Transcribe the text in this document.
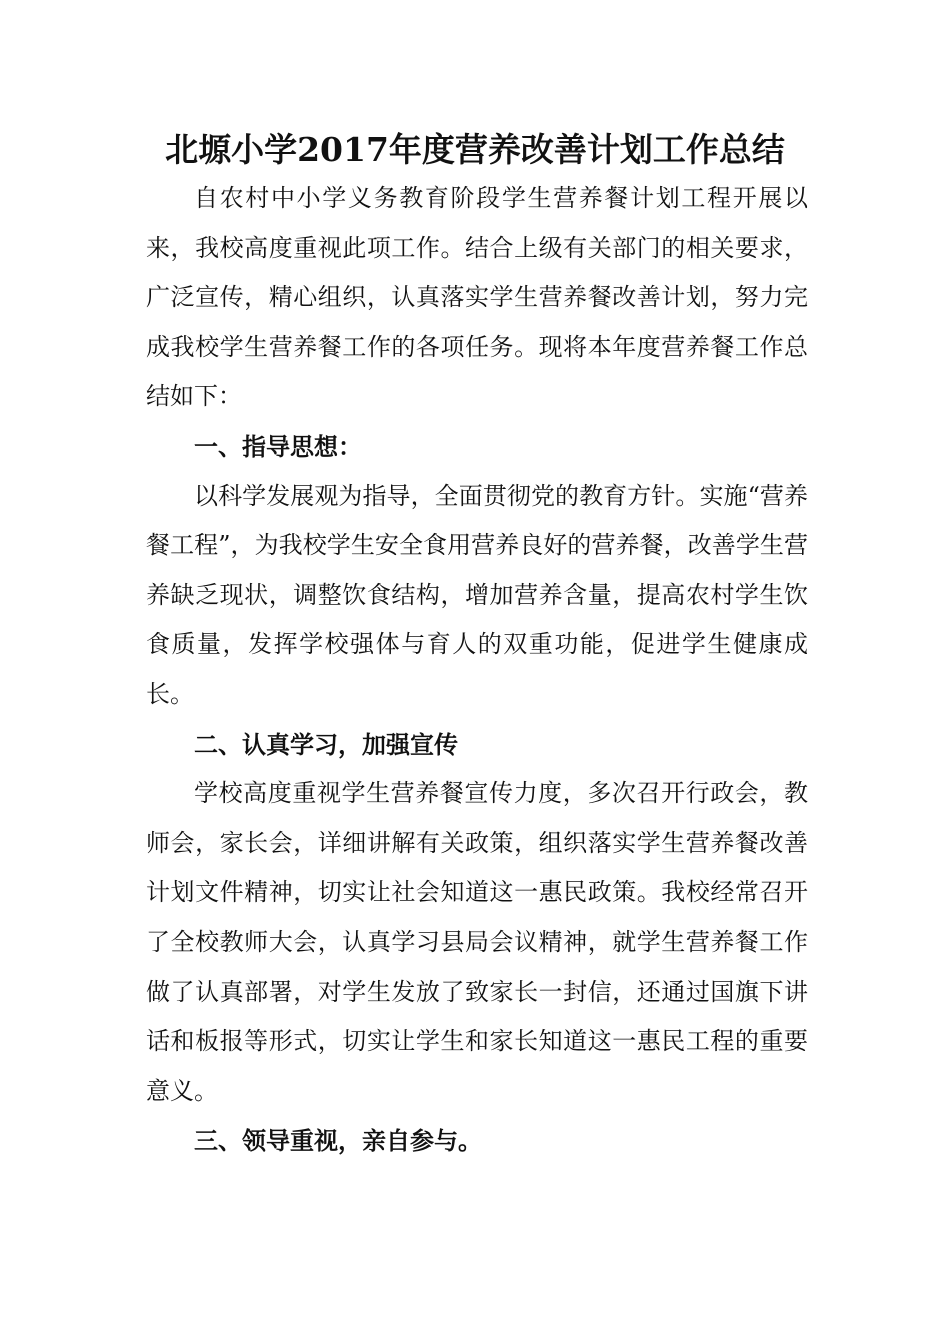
北塬小学2017年度营养改善计划工作总结

自农村中小学义务教育阶段学生营养餐计划工程开展以来，我校高度重视此项工作。结合上级有关部门的相关要求，广泛宣传，精心组织，认真落实学生营养餐改善计划，努力完成我校学生营养餐工作的各项任务。现将本年度营养餐工作总结如下：

一、指导思想：

以科学发展观为指导，全面贯彻党的教育方针。实施“营养餐工程”，为我校学生安全食用营养良好的营养餐，改善学生营养缺乏现状，调整饮食结构，增加营养含量，提高农村学生饮食质量，发挥学校强体与育人的双重功能，促进学生健康成长。

二、认真学习，加强宣传

学校高度重视学生营养餐宣传力度，多次召开行政会，教师会，家长会，详细讲解有关政策，组织落实学生营养餐改善计划文件精神，切实让社会知道这一惠民政策。我校经常召开了全校教师大会，认真学习县局会议精神，就学生营养餐工作做了认真部署，对学生发放了致家长一封信，还通过国旗下讲话和板报等形式，切实让学生和家长知道这一惠民工程的重要意义。

三、领导重视，亲自参与。
